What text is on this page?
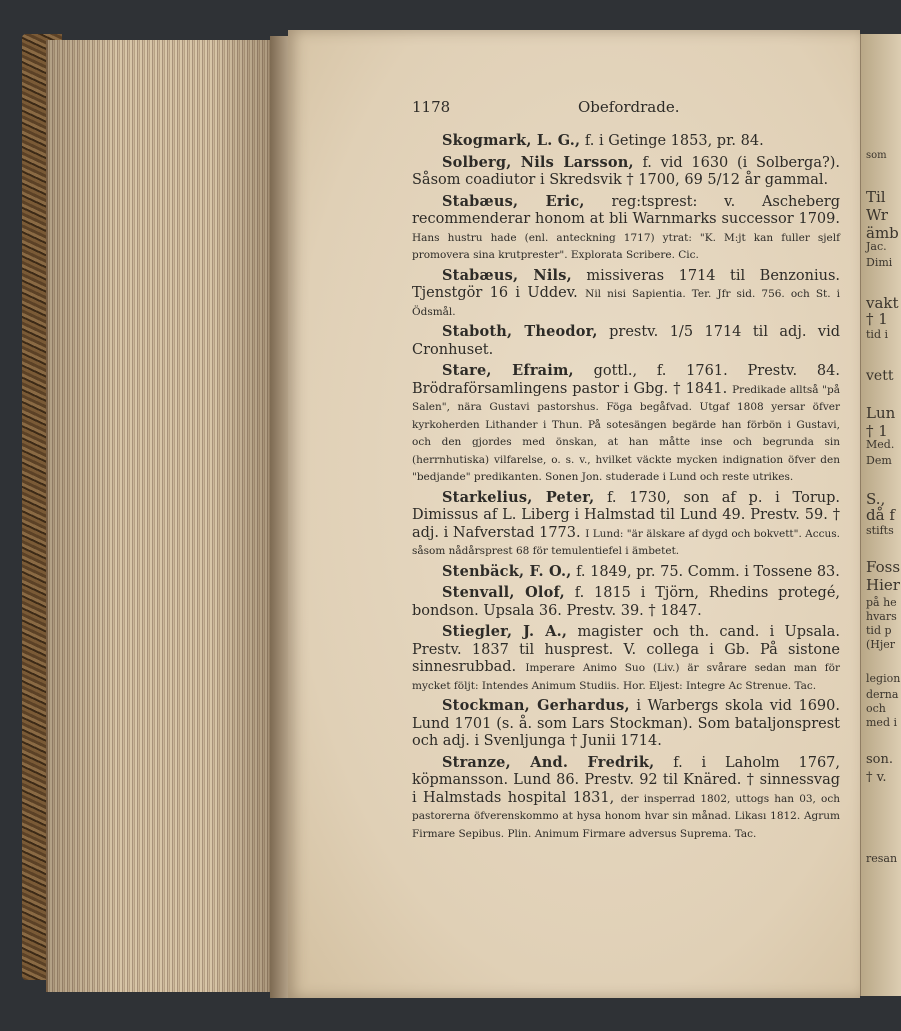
som
Til
Wr
ämb
Jac.
Dimi
vakt
† 1
tid i
vett
Lun
† 1
Med.
Dem
S.,
då f
stifts
Foss
Hier
på he
hvars
tid p
(Hjer
legion
derna
och
med i
son.
† v.
resan
1178	Obefordrade.
Skogmark, L. G., f. i Getinge 1853, pr. 84.
Solberg, Nils Larsson, f. vid 1630 (i Solberga?). Såsom coadiutor i Skredsvik † 1700, 69 5/12 år gammal.
Stabæus, Eric, reg:tsprest: v. Ascheberg recommenderar honom at bli Warnmarks successor 1709. Hans hustru hade (enl. anteckning 1717) ytrat: "K. M:jt kan fuller sjelf promovera sina krutprester". Explorata Scribere. Cic.
Stabæus, Nils, missiveras 1714 til Benzonius. Tjenstgör 16 i Uddev. Nil nisi Sapientia. Ter. Jfr sid. 756. och St. i Ödsmål.
Staboth, Theodor, prestv. 1/5 1714 til adj. vid Cronhuset.
Stare, Efraim, gottl., f. 1761. Prestv. 84. Brödraförsamlingens pastor i Gbg. † 1841. Predikade alltså "på Salen", nära Gustavi pastorshus. Föga begåfvad. Utgaf 1808 yersar öfver kyrkoherden Lithander i Thun. På sotesängen begärde han förbön i Gustavi, och den gjordes med önskan, at han måtte inse och begrunda sin (herrnhutiska) vilfarelse, o. s. v., hvilket väckte mycken indignation öfver den "bedjande" predikanten. Sonen Jon. studerade i Lund och reste utrikes.
Starkelius, Peter, f. 1730, son af p. i Torup. Dimissus af L. Liberg i Halmstad til Lund 49. Prestv. 59. † adj. i Nafverstad 1773. I Lund: "är älskare af dygd och bokvett". Accus. såsom nådårsprest 68 för temulentiefel i ämbetet.
Stenbäck, F. O., f. 1849, pr. 75. Comm. i Tossene 83.
Stenvall, Olof, f. 1815 i Tjörn, Rhedins protegé, bondson. Upsala 36. Prestv. 39. † 1847.
Stiegler, J. A., magister och th. cand. i Upsala. Prestv. 1837 til husprest. V. collega i Gb. På sistone sinnesrubbad. Imperare Animo Suo (Liv.) är svårare sedan man för mycket följt: Intendes Animum Studiis. Hor. Eljest: Integre Ac Strenue. Tac.
Stockman, Gerhardus, i Warbergs skola vid 1690. Lund 1701 (s. å. som Lars Stockman). Som bataljonsprest och adj. i Svenljunga † Junii 1714.
Stranze, And. Fredrik, f. i Laholm 1767, köpmansson. Lund 86. Prestv. 92 til Knäred. † sinnessvag i Halmstads hospital 1831, der insperrad 1802, uttogs han 03, och pastorerna öfverenskommo at hysa honom hvar sin månad. Likası 1812. Agrum Firmare Sepibus. Plin. Animum Firmare adversus Suprema. Tac.
